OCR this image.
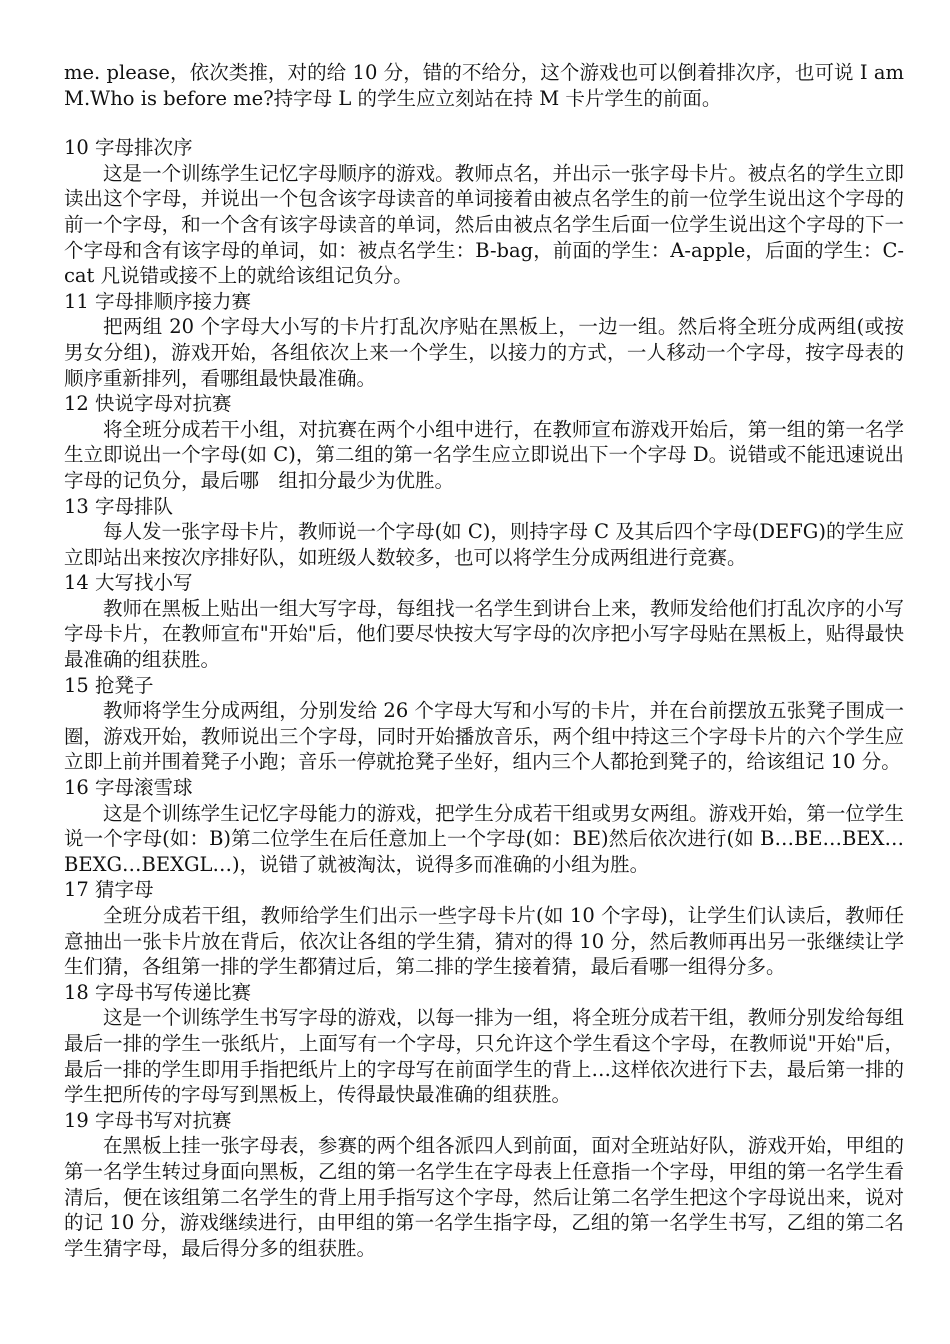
me. please，依次类推，对的给 10 分，错的不给分，这个游戏也可以倒着排次序，也可说 I am M.Who is before me?持字母 L 的学生应立刻站在持 M 卡片学生的前面。

10 字母排次序

这是一个训练学生记忆字母顺序的游戏。教师点名，并出示一张字母卡片。被点名的学生立即读出这个字母，并说出一个包含该字母读音的单词接着由被点名学生的前一位学生说出这个字母的前一个字母，和一个含有该字母读音的单词，然后由被点名学生后面一位学生说出这个字母的下一个字母和含有该字母的单词，如：被点名学生：B-bag，前面的学生：A-apple，后面的学生：C-cat 凡说错或接不上的就给该组记负分。

11 字母排顺序接力赛

把两组 20 个字母大小写的卡片打乱次序贴在黑板上，一边一组。然后将全班分成两组(或按男女分组)，游戏开始，各组依次上来一个学生，以接力的方式，一人移动一个字母，按字母表的顺序重新排列，看哪组最快最准确。

12 快说字母对抗赛

将全班分成若干小组，对抗赛在两个小组中进行，在教师宣布游戏开始后，第一组的第一名学生立即说出一个字母(如 C)，第二组的第一名学生应立即说出下一个字母 D。说错或不能迅速说出字母的记负分，最后哪　组扣分最少为优胜。

13 字母排队

每人发一张字母卡片，教师说一个字母(如 C)，则持字母 C 及其后四个字母(DEFG)的学生应立即站出来按次序排好队，如班级人数较多，也可以将学生分成两组进行竞赛。

14 大写找小写

教师在黑板上贴出一组大写字母，每组找一名学生到讲台上来，教师发给他们打乱次序的小写字母卡片，在教师宣布"开始"后，他们要尽快按大写字母的次序把小写字母贴在黑板上，贴得最快最准确的组获胜。

15 抢凳子

教师将学生分成两组，分别发给 26 个字母大写和小写的卡片，并在台前摆放五张凳子围成一圈，游戏开始，教师说出三个字母，同时开始播放音乐，两个组中持这三个字母卡片的六个学生应立即上前并围着凳子小跑；音乐一停就抢凳子坐好，组内三个人都抢到凳子的，给该组记 10 分。

16 字母滚雪球

这是个训练学生记忆字母能力的游戏，把学生分成若干组或男女两组。游戏开始，第一位学生说一个字母(如：B)第二位学生在后任意加上一个字母(如：BE)然后依次进行(如 B…BE…BEX…BEXG…BEXGL…)，说错了就被淘汰，说得多而准确的小组为胜。

17 猜字母

全班分成若干组，教师给学生们出示一些字母卡片(如 10 个字母)，让学生们认读后，教师任意抽出一张卡片放在背后，依次让各组的学生猜，猜对的得 10 分，然后教师再出另一张继续让学生们猜，各组第一排的学生都猜过后，第二排的学生接着猜，最后看哪一组得分多。

18 字母书写传递比赛

这是一个训练学生书写字母的游戏，以每一排为一组，将全班分成若干组，教师分别发给每组最后一排的学生一张纸片，上面写有一个字母，只允许这个学生看这个字母，在教师说"开始"后，最后一排的学生即用手指把纸片上的字母写在前面学生的背上…这样依次进行下去，最后第一排的学生把所传的字母写到黑板上，传得最快最准确的组获胜。

19 字母书写对抗赛

在黑板上挂一张字母表，参赛的两个组各派四人到前面，面对全班站好队，游戏开始，甲组的第一名学生转过身面向黑板，乙组的第一名学生在字母表上任意指一个字母，甲组的第一名学生看清后，便在该组第二名学生的背上用手指写这个字母，然后让第二名学生把这个字母说出来，说对的记 10 分，游戏继续进行，由甲组的第一名学生指字母，乙组的第一名学生书写，乙组的第二名学生猜字母，最后得分多的组获胜。
